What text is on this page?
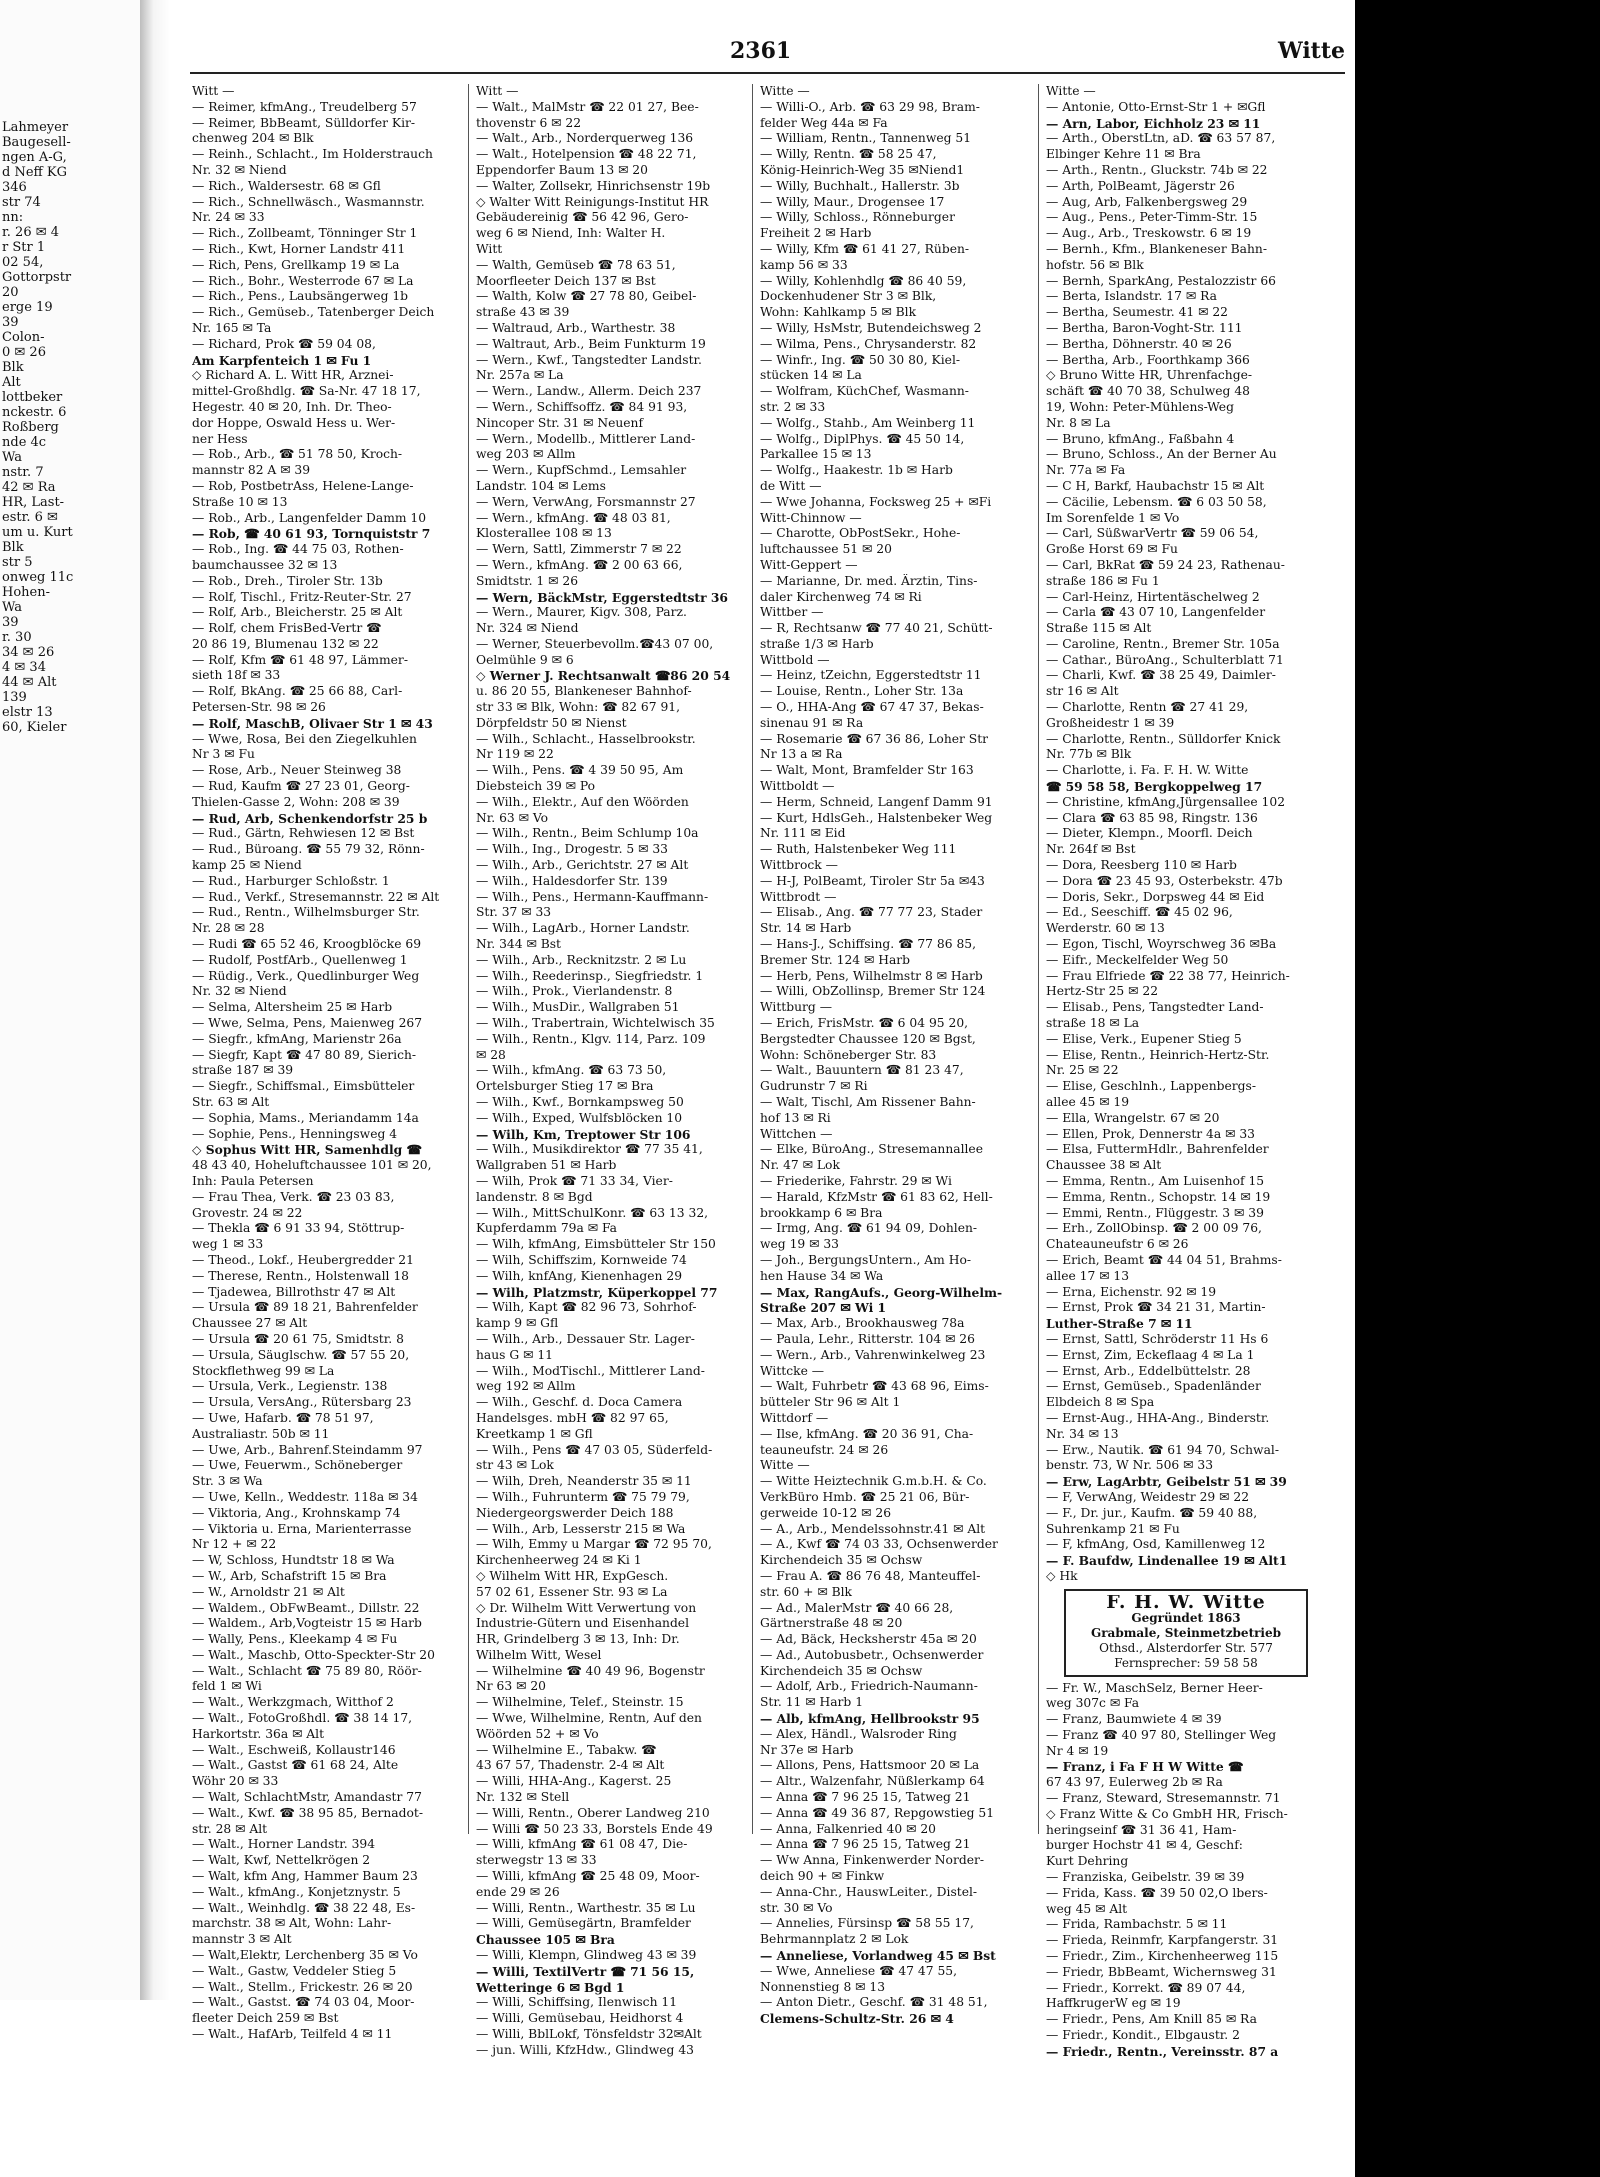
Lahmeyer
Baugesell-
ngen A-G,
d Neff KG
346
str 74
nn:
r. 26 ✉ 4
r Str 1
02 54,
Gottorpstr
20
erge 19
39
Colon-
0 ✉ 26
Blk
Alt
lottbeker
nckestr. 6
Roßberg
nde 4c
Wa
nstr. 7
42 ✉ Ra
HR, Last-
estr. 6 ✉
um u. Kurt
Blk
str 5
onweg 11c
Hohen-
Wa
39
r. 30
34 ✉ 26
4 ✉ 34
44 ✉ Alt
139
elstr 13
60, Kieler
2361	Witte
Witt —
— Reimer, kfmAng., Treudelberg 57
— Reimer, BbBeamt, Sülldorfer Kir-
chenweg 204 ✉ Blk
— Reinh., Schlacht., Im Holderstrauch
Nr. 32 ✉ Niend
— Rich., Waldersestr. 68 ✉ Gfl
— Rich., Schnellwäsch., Wasmannstr.
Nr. 24 ✉ 33
— Rich., Zollbeamt, Tönninger Str 1
— Rich., Kwt, Horner Landstr 411
— Rich, Pens, Grellkamp 19 ✉ La
— Rich., Bohr., Westerrode 67 ✉ La
— Rich., Pens., Laubsängerweg 1b
— Rich., Gemüseb., Tatenberger Deich
Nr. 165 ✉ Ta
— Richard, Prok ☎ 59 04 08,
Am Karpfenteich 1 ✉ Fu 1
◇ Richard A. L. Witt HR, Arznei-
mittel-Großhdlg. ☎ Sa-Nr. 47 18 17,
Hegestr. 40 ✉ 20, Inh. Dr. Theo-
dor Hoppe, Oswald Hess u. Wer-
ner Hess
— Rob., Arb., ☎ 51 78 50, Kroch-
mannstr 82 A ✉ 39
— Rob, PostbetrAss, Helene-Lange-
Straße 10 ✉ 13
— Rob., Arb., Langenfelder Damm 10
— Rob, ☎ 40 61 93, Tornquiststr 7
— Rob., Ing. ☎ 44 75 03, Rothen-
baumchaussee 32 ✉ 13
— Rob., Dreh., Tiroler Str. 13b
— Rolf, Tischl., Fritz-Reuter-Str. 27
— Rolf, Arb., Bleicherstr. 25 ✉ Alt
— Rolf, chem FrisBed-Vertr ☎
20 86 19, Blumenau 132 ✉ 22
— Rolf, Kfm ☎ 61 48 97, Lämmer-
sieth 18f ✉ 33
— Rolf, BkAng. ☎ 25 66 88, Carl-
Petersen-Str. 98 ✉ 26
— Rolf, MaschB, Olivaer Str 1 ✉ 43
— Wwe, Rosa, Bei den Ziegelkuhlen
Nr 3 ✉ Fu
— Rose, Arb., Neuer Steinweg 38
— Rud, Kaufm ☎ 27 23 01, Georg-
Thielen-Gasse 2, Wohn: 208 ✉ 39
— Rud, Arb, Schenkendorfstr 25 b
— Rud., Gärtn, Rehwiesen 12 ✉ Bst
— Rud., Büroang. ☎ 55 79 32, Rönn-
kamp 25 ✉ Niend
— Rud., Harburger Schloßstr. 1
— Rud., Verkf., Stresemannstr. 22 ✉ Alt
— Rud., Rentn., Wilhelmsburger Str.
Nr. 28 ✉ 28
— Rudi ☎ 65 52 46, Kroogblöcke 69
— Rudolf, PostfArb., Quellenweg 1
— Rüdig., Verk., Quedlinburger Weg
Nr. 32 ✉ Niend
— Selma, Altersheim 25 ✉ Harb
— Wwe, Selma, Pens, Maienweg 267
— Siegfr., kfmAng, Marienstr 26a
— Siegfr, Kapt ☎ 47 80 89, Sierich-
straße 187 ✉ 39
— Siegfr., Schiffsmal., Eimsbütteler
Str. 63 ✉ Alt
— Sophia, Mams., Meriandamm 14a
— Sophie, Pens., Henningsweg 4
◇ Sophus Witt HR, Samenhdlg ☎
48 43 40, Hoheluftchaussee 101 ✉ 20,
Inh: Paula Petersen
— Frau Thea, Verk. ☎ 23 03 83,
Grovestr. 24 ✉ 22
— Thekla ☎ 6 91 33 94, Stöttrup-
weg 1 ✉ 33
— Theod., Lokf., Heubergredder 21
— Therese, Rentn., Holstenwall 18
— Tjadewea, Billrothstr 47 ✉ Alt
— Ursula ☎ 89 18 21, Bahrenfelder
Chaussee 27 ✉ Alt
— Ursula ☎ 20 61 75, Smidtstr. 8
— Ursula, Säuglschw. ☎ 57 55 20,
Stockflethweg 99 ✉ La
— Ursula, Verk., Legienstr. 138
— Ursula, VersAng., Rütersbarg 23
— Uwe, Hafarb. ☎ 78 51 97,
Australiastr. 50b ✉ 11
— Uwe, Arb., Bahrenf.Steindamm 97
— Uwe, Feuerwm., Schöneberger
Str. 3 ✉ Wa
— Uwe, Kelln., Weddestr. 118a ✉ 34
— Viktoria, Ang., Krohnskamp 74
— Viktoria u. Erna, Marienterrasse
Nr 12 + ✉ 22
— W, Schloss, Hundtstr 18 ✉ Wa
— W., Arb, Schafstrift 15 ✉ Bra
— W., Arnoldstr 21 ✉ Alt
— Waldem., ObFwBeamt., Dillstr. 22
— Waldem., Arb,Vogteistr 15 ✉ Harb
— Wally, Pens., Kleekamp 4 ✉ Fu
— Walt., Maschb, Otto-Speckter-Str 20
— Walt., Schlacht ☎ 75 89 80, Röör-
feld 1 ✉ Wi
— Walt., Werkzgmach, Witthof 2
— Walt., FotoGroßhdl. ☎ 38 14 17,
Harkortstr. 36a ✉ Alt
— Walt., Eschweiß, Kollaustr146
— Walt., Gastst ☎ 61 68 24, Alte
Wöhr 20 ✉ 33
— Walt, SchlachtMstr, Amandastr 77
— Walt., Kwf. ☎ 38 95 85, Bernadot-
str. 28 ✉ Alt
— Walt., Horner Landstr. 394
— Walt, Kwf, Nettelkrögen 2
— Walt, kfm Ang, Hammer Baum 23
— Walt., kfmAng., Konjetznystr. 5
— Walt., Weinhdlg. ☎ 38 22 48, Es-
marchstr. 38 ✉ Alt, Wohn: Lahr-
mannstr 3 ✉ Alt
— Walt,Elektr, Lerchenberg 35 ✉ Vo
— Walt., Gastw, Veddeler Stieg 5
— Walt., Stellm., Frickestr. 26 ✉ 20
— Walt., Gastst. ☎ 74 03 04, Moor-
fleeter Deich 259 ✉ Bst
— Walt., HafArb, Teilfeld 4 ✉ 11
Witt —
— Walt., MalMstr ☎ 22 01 27, Bee-
thovenstr 6 ✉ 22
— Walt., Arb., Norderquerweg 136
— Walt., Hotelpension ☎ 48 22 71,
Eppendorfer Baum 13 ✉ 20
— Walter, Zollsekr, Hinrichsenstr 19b
◇ Walter Witt Reinigungs-Institut HR
Gebäudereinig ☎ 56 42 96, Gero-
weg 6 ✉ Niend, Inh: Walter H.
Witt
— Walth, Gemüseb ☎ 78 63 51,
Moorfleeter Deich 137 ✉ Bst
— Walth, Kolw ☎ 27 78 80, Geibel-
straße 43 ✉ 39
— Waltraud, Arb., Warthestr. 38
— Waltraut, Arb., Beim Funkturm 19
— Wern., Kwf., Tangstedter Landstr.
Nr. 257a ✉ La
— Wern., Landw., Allerm. Deich 237
— Wern., Schiffsoffz. ☎ 84 91 93,
Nincoper Str. 31 ✉ Neuenf
— Wern., Modellb., Mittlerer Land-
weg 203 ✉ Allm
— Wern., KupfSchmd., Lemsahler
Landstr. 104 ✉ Lems
— Wern, VerwAng, Forsmannstr 27
— Wern., kfmAng. ☎ 48 03 81,
Klosterallee 108 ✉ 13
— Wern, Sattl, Zimmerstr 7 ✉ 22
— Wern., kfmAng. ☎ 2 00 63 66,
Smidtstr. 1 ✉ 26
— Wern, BäckMstr, Eggerstedtstr 36
— Wern., Maurer, Kigv. 308, Parz.
Nr. 324 ✉ Niend
— Werner, Steuerbevollm.☎43 07 00,
Oelmühle 9 ✉ 6
◇ Werner J. Rechtsanwalt ☎86 20 54
u. 86 20 55, Blankeneser Bahnhof-
str 33 ✉ Blk, Wohn: ☎ 82 67 91,
Dörpfeldstr 50 ✉ Nienst
— Wilh., Schlacht., Hasselbrookstr.
Nr 119 ✉ 22
— Wilh., Pens. ☎ 4 39 50 95, Am
Diebsteich 39 ✉ Po
— Wilh., Elektr., Auf den Wöörden
Nr. 63 ✉ Vo
— Wilh., Rentn., Beim Schlump 10a
— Wilh., Ing., Drogestr. 5 ✉ 33
— Wilh., Arb., Gerichtstr. 27 ✉ Alt
— Wilh., Haldesdorfer Str. 139
— Wilh., Pens., Hermann-Kauffmann-
Str. 37 ✉ 33
— Wilh., LagArb., Horner Landstr.
Nr. 344 ✉ Bst
— Wilh., Arb., Recknitzstr. 2 ✉ Lu
— Wilh., Reederinsp., Siegfriedstr. 1
— Wilh., Prok., Vierlandenstr. 8
— Wilh., MusDir., Wallgraben 51
— Wilh., Trabertrain, Wichtelwisch 35
— Wilh., Rentn., Klgv. 114, Parz. 109
✉ 28
— Wilh., kfmAng. ☎ 63 73 50,
Ortelsburger Stieg 17 ✉ Bra
— Wilh., Kwf., Bornkampsweg 50
— Wilh., Exped, Wulfsblöcken 10
— Wilh, Km, Treptower Str 106
— Wilh., Musikdirektor ☎ 77 35 41,
Wallgraben 51 ✉ Harb
— Wilh, Prok ☎ 71 33 34, Vier-
landenstr. 8 ✉ Bgd
— Wilh., MittSchulKonr. ☎ 63 13 32,
Kupferdamm 79a ✉ Fa
— Wilh, kfmAng, Eimsbütteler Str 150
— Wilh, Schiffszim, Kornweide 74
— Wilh, knfAng, Kienenhagen 29
— Wilh, Platzmstr, Küperkoppel 77
— Wilh, Kapt ☎ 82 96 73, Sohrhof-
kamp 9 ✉ Gfl
— Wilh., Arb., Dessauer Str. Lager-
haus G ✉ 11
— Wilh., ModTischl., Mittlerer Land-
weg 192 ✉ Allm
— Wilh., Geschf. d. Doca Camera
Handelsges. mbH ☎ 82 97 65,
Kreetkamp 1 ✉ Gfl
— Wilh., Pens ☎ 47 03 05, Süderfeld-
str 43 ✉ Lok
— Wilh, Dreh, Neanderstr 35 ✉ 11
— Wilh., Fuhrunterm ☎ 75 79 79,
Niedergeorgswerder Deich 188
— Wilh., Arb, Lesserstr 215 ✉ Wa
— Wilh, Emmy u Margar ☎ 72 95 70,
Kirchenheerweg 24 ✉ Ki 1
◇ Wilhelm Witt HR, ExpGesch.
57 02 61, Essener Str. 93 ✉ La
◇ Dr. Wilhelm Witt Verwertung von
Industrie-Gütern und Eisenhandel
HR, Grindelberg 3 ✉ 13, Inh: Dr.
Wilhelm Witt, Wesel
— Wilhelmine ☎ 40 49 96, Bogenstr
Nr 63 ✉ 20
— Wilhelmine, Telef., Steinstr. 15
— Wwe, Wilhelmine, Rentn, Auf den
Wöörden 52 + ✉ Vo
— Wilhelmine E., Tabakw. ☎
43 67 57, Thadenstr. 2-4 ✉ Alt
— Willi, HHA-Ang., Kagerst. 25
Nr. 132 ✉ Stell
— Willi, Rentn., Oberer Landweg 210
— Willi ☎ 50 23 33, Borstels Ende 49
— Willi, kfmAng ☎ 61 08 47, Die-
sterwegstr 13 ✉ 33
— Willi, kfmAng ☎ 25 48 09, Moor-
ende 29 ✉ 26
— Willi, Rentn., Warthestr. 35 ✉ Lu
— Willi, Gemüsegärtn, Bramfelder
Chaussee 105 ✉ Bra
— Willi, Klempn, Glindweg 43 ✉ 39
— Willi, TextilVertr ☎ 71 56 15,
Wetteringe 6 ✉ Bgd 1
— Willi, Schiffsing, Ilenwisch 11
— Willi, Gemüsebau, Heidhorst 4
— Willi, BblLokf, Tönsfeldstr 32✉Alt
— jun. Willi, KfzHdw., Glindweg 43
Witte —
— Willi-O., Arb. ☎ 63 29 98, Bram-
felder Weg 44a ✉ Fa
— William, Rentn., Tannenweg 51
— Willy, Rentn. ☎ 58 25 47,
König-Heinrich-Weg 35 ✉Niend1
— Willy, Buchhalt., Hallerstr. 3b
— Willy, Maur., Drogensee 17
— Willy, Schloss., Rönneburger
Freiheit 2 ✉ Harb
— Willy, Kfm ☎ 61 41 27, Rüben-
kamp 56 ✉ 33
— Willy, Kohlenhdlg ☎ 86 40 59,
Dockenhudener Str 3 ✉ Blk,
Wohn: Kahlkamp 5 ✉ Blk
— Willy, HsMstr, Butendeichsweg 2
— Wilma, Pens., Chrysanderstr. 82
— Winfr., Ing. ☎ 50 30 80, Kiel-
stücken 14 ✉ La
— Wolfram, KüchChef, Wasmann-
str. 2 ✉ 33
— Wolfg., Stahb., Am Weinberg 11
— Wolfg., DiplPhys. ☎ 45 50 14,
Parkallee 15 ✉ 13
— Wolfg., Haakestr. 1b ✉ Harb
de Witt —
— Wwe Johanna, Focksweg 25 + ✉Fi
Witt-Chinnow —
— Charotte, ObPostSekr., Hohe-
luftchaussee 51 ✉ 20
Witt-Geppert —
— Marianne, Dr. med. Ärztin, Tins-
daler Kirchenweg 74 ✉ Ri
Wittber —
— R, Rechtsanw ☎ 77 40 21, Schütt-
straße 1/3 ✉ Harb
Wittbold —
— Heinz, tZeichn, Eggerstedtstr 11
— Louise, Rentn., Loher Str. 13a
— O., HHA-Ang ☎ 67 47 37, Bekas-
sinenau 91 ✉ Ra
— Rosemarie ☎ 67 36 86, Loher Str
Nr 13 a ✉ Ra
— Walt, Mont, Bramfelder Str 163
Wittboldt —
— Herm, Schneid, Langenf Damm 91
— Kurt, HdlsGeh., Halstenbeker Weg
Nr. 111 ✉ Eid
— Ruth, Halstenbeker Weg 111
Wittbrock —
— H-J, PolBeamt, Tiroler Str 5a ✉43
Wittbrodt —
— Elisab., Ang. ☎ 77 77 23, Stader
Str. 14 ✉ Harb
— Hans-J., Schiffsing. ☎ 77 86 85,
Bremer Str. 124 ✉ Harb
— Herb, Pens, Wilhelmstr 8 ✉ Harb
— Willi, ObZollinsp, Bremer Str 124
Wittburg —
— Erich, FrisMstr. ☎ 6 04 95 20,
Bergstedter Chaussee 120 ✉ Bgst,
Wohn: Schöneberger Str. 83
— Walt., Bauuntern ☎ 81 23 47,
Gudrunstr 7 ✉ Ri
— Walt, Tischl, Am Rissener Bahn-
hof 13 ✉ Ri
Wittchen —
— Elke, BüroAng., Stresemannallee
Nr. 47 ✉ Lok
— Friederike, Fahrstr. 29 ✉ Wi
— Harald, KfzMstr ☎ 61 83 62, Hell-
brookkamp 6 ✉ Bra
— Irmg, Ang. ☎ 61 94 09, Dohlen-
weg 19 ✉ 33
— Joh., BergungsUntern., Am Ho-
hen Hause 34 ✉ Wa
— Max, RangAufs., Georg-Wilhelm-
Straße 207 ✉ Wi 1
— Max, Arb., Brookhausweg 78a
— Paula, Lehr., Ritterstr. 104 ✉ 26
— Wern., Arb., Vahrenwinkelweg 23
Wittcke —
— Walt, Fuhrbetr ☎ 43 68 96, Eims-
bütteler Str 96 ✉ Alt 1
Wittdorf —
— Ilse, kfmAng. ☎ 20 36 91, Cha-
teauneufstr. 24 ✉ 26
Witte —
— Witte Heiztechnik G.m.b.H. & Co.
VerkBüro Hmb. ☎ 25 21 06, Bür-
gerweide 10-12 ✉ 26
— A., Arb., Mendelssohnstr.41 ✉ Alt
— A., Kwf ☎ 74 03 33, Ochsenwerder
Kirchendeich 35 ✉ Ochsw
— Frau A. ☎ 86 76 48, Manteuffel-
str. 60 + ✉ Blk
— Ad., MalerMstr ☎ 40 66 28,
Gärtnerstraße 48 ✉ 20
— Ad, Bäck, Hecksherstr 45a ✉ 20
— Ad., Autobusbetr., Ochsenwerder
Kirchendeich 35 ✉ Ochsw
— Adolf, Arb., Friedrich-Naumann-
Str. 11 ✉ Harb 1
— Alb, kfmAng, Hellbrookstr 95
— Alex, Händl., Walsroder Ring
Nr 37e ✉ Harb
— Allons, Pens, Hattsmoor 20 ✉ La
— Altr., Walzenfahr, Nüßlerkamp 64
— Anna ☎ 7 96 25 15, Tatweg 21
— Anna ☎ 49 36 87, Repgowstieg 51
— Anna, Falkenried 40 ✉ 20
— Anna ☎ 7 96 25 15, Tatweg 21
— Ww Anna, Finkenwerder Norder-
deich 90 + ✉ Finkw
— Anna-Chr., HauswLeiter., Distel-
str. 30 ✉ Vo
— Annelies, Fürsinsp ☎ 58 55 17,
Behrmannplatz 2 ✉ Lok
— Anneliese, Vorlandweg 45 ✉ Bst
— Wwe, Anneliese ☎ 47 47 55,
Nonnenstieg 8 ✉ 13
— Anton Dietr., Geschf. ☎ 31 48 51,
Clemens-Schultz-Str. 26 ✉ 4
Witte —
— Antonie, Otto-Ernst-Str 1 + ✉Gfl
— Arn, Labor, Eichholz 23 ✉ 11
— Arth., OberstLtn, aD. ☎ 63 57 87,
Elbinger Kehre 11 ✉ Bra
— Arth., Rentn., Gluckstr. 74b ✉ 22
— Arth, PolBeamt, Jägerstr 26
— Aug, Arb, Falkenbergsweg 29
— Aug., Pens., Peter-Timm-Str. 15
— Aug., Arb., Treskowstr. 6 ✉ 19
— Bernh., Kfm., Blankeneser Bahn-
hofstr. 56 ✉ Blk
— Bernh, SparkAng, Pestalozzistr 66
— Berta, Islandstr. 17 ✉ Ra
— Bertha, Seumestr. 41 ✉ 22
— Bertha, Baron-Voght-Str. 111
— Bertha, Döhnerstr. 40 ✉ 26
— Bertha, Arb., Foorthkamp 366
◇ Bruno Witte HR, Uhrenfachge-
schäft ☎ 40 70 38, Schulweg 48
19, Wohn: Peter-Mühlens-Weg
Nr. 8 ✉ La
— Bruno, kfmAng., Faßbahn 4
— Bruno, Schloss., An der Berner Au
Nr. 77a ✉ Fa
— C H, Barkf, Haubachstr 15 ✉ Alt
— Cäcilie, Lebensm. ☎ 6 03 50 58,
Im Sorenfelde 1 ✉ Vo
— Carl, SüßwarVertr ☎ 59 06 54,
Große Horst 69 ✉ Fu
— Carl, BkRat ☎ 59 24 23, Rathenau-
straße 186 ✉ Fu 1
— Carl-Heinz, Hirtentäschelweg 2
— Carla ☎ 43 07 10, Langenfelder
Straße 115 ✉ Alt
— Caroline, Rentn., Bremer Str. 105a
— Cathar., BüroAng., Schulterblatt 71
— Charli, Kwf. ☎ 38 25 49, Daimler-
str 16 ✉ Alt
— Charlotte, Rentn ☎ 27 41 29,
Großheidestr 1 ✉ 39
— Charlotte, Rentn., Sülldorfer Knick
Nr. 77b ✉ Blk
— Charlotte, i. Fa. F. H. W. Witte
☎ 59 58 58, Bergkoppelweg 17
— Christine, kfmAng,Jürgensallee 102
— Clara ☎ 63 85 98, Ringstr. 136
— Dieter, Klempn., Moorfl. Deich
Nr. 264f ✉ Bst
— Dora, Reesberg 110 ✉ Harb
— Dora ☎ 23 45 93, Osterbekstr. 47b
— Doris, Sekr., Dorpsweg 44 ✉ Eid
— Ed., Seeschiff. ☎ 45 02 96,
Werderstr. 60 ✉ 13
— Egon, Tischl, Woyrschweg 36 ✉Ba
— Eifr., Meckelfelder Weg 50
— Frau Elfriede ☎ 22 38 77, Heinrich-
Hertz-Str 25 ✉ 22
— Elisab., Pens, Tangstedter Land-
straße 18 ✉ La
— Elise, Verk., Eupener Stieg 5
— Elise, Rentn., Heinrich-Hertz-Str.
Nr. 25 ✉ 22
— Elise, Geschlnh., Lappenbergs-
allee 45 ✉ 19
— Ella, Wrangelstr. 67 ✉ 20
— Ellen, Prok, Dennerstr 4a ✉ 33
— Elsa, FuttermHdlr., Bahrenfelder
Chaussee 38 ✉ Alt
— Emma, Rentn., Am Luisenhof 15
— Emma, Rentn., Schopstr. 14 ✉ 19
— Emmi, Rentn., Flüggestr. 3 ✉ 39
— Erh., ZollObinsp. ☎ 2 00 09 76,
Chateauneufstr 6 ✉ 26
— Erich, Beamt ☎ 44 04 51, Brahms-
allee 17 ✉ 13
— Erna, Eichenstr. 92 ✉ 19
— Ernst, Prok ☎ 34 21 31, Martin-
Luther-Straße 7 ✉ 11
— Ernst, Sattl, Schröderstr 11 Hs 6
— Ernst, Zim, Eckeflaag 4 ✉ La 1
— Ernst, Arb., Eddelbüttelstr. 28
— Ernst, Gemüseb., Spadenländer
Elbdeich 8 ✉ Spa
— Ernst-Aug., HHA-Ang., Binderstr.
Nr. 34 ✉ 13
— Erw., Nautik. ☎ 61 94 70, Schwal-
benstr. 73, W Nr. 506 ✉ 33
— Erw, LagArbtr, Geibelstr 51 ✉ 39
— F, VerwAng, Weidestr 29 ✉ 22
— F., Dr. jur., Kaufm. ☎ 59 40 88,
Suhrenkamp 21 ✉ Fu
— F, kfmAng, Osd, Kamillenweg 12
— F. Baufdw, Lindenallee 19 ✉ Alt1
◇ Hk
F. H. W. Witte
Gegründet 1863
Grabmale, Steinmetzbetrieb
Othsd., Alsterdorfer Str. 577
Fernsprecher: 59 58 58
— Fr. W., MaschSelz, Berner Heer-
weg 307c ✉ Fa
— Franz, Baumwiete 4 ✉ 39
— Franz ☎ 40 97 80, Stellinger Weg
Nr 4 ✉ 19
— Franz, i Fa F H W Witte ☎
67 43 97, Eulerweg 2b ✉ Ra
— Franz, Steward, Stresemannstr. 71
◇ Franz Witte & Co GmbH HR, Frisch-
heringseinf ☎ 31 36 41, Ham-
burger Hochstr 41 ✉ 4, Geschf:
Kurt Dehring
— Franziska, Geibelstr. 39 ✉ 39
— Frida, Kass. ☎ 39 50 02,O lbers-
weg 45 ✉ Alt
— Frida, Rambachstr. 5 ✉ 11
— Frieda, Reinmfr, Karpfangerstr. 31
— Friedr., Zim., Kirchenheerweg 115
— Friedr, BbBeamt, Wichernsweg 31
— Friedr., Korrekt. ☎ 89 07 44,
HaffkrugerW eg ✉ 19
— Friedr., Pens, Am Knill 85 ✉ Ra
— Friedr., Kondit., Elbgaustr. 2
— Friedr., Rentn., Vereinsstr. 87 a
